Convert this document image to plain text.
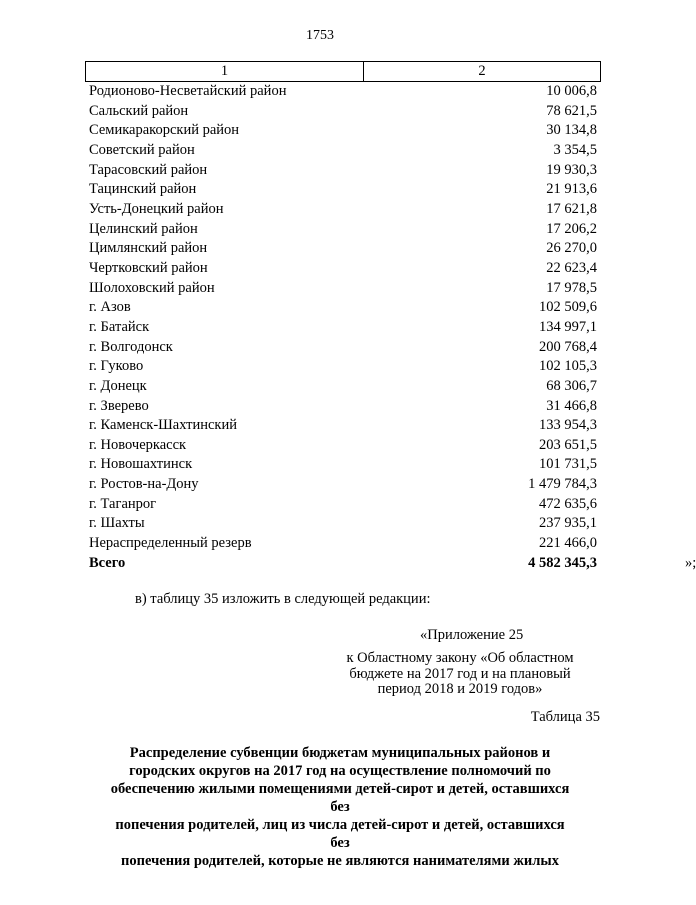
1753
1	2
Родионово-Несветайский район	10 006,8
Сальский район	78 621,5
Семикаракорский район	30 134,8
Советский район	3 354,5
Тарасовский район	19 930,3
Тацинский район	21 913,6
Усть-Донецкий район	17 621,8
Целинский район	17 206,2
Цимлянский район	26 270,0
Чертковский район	22 623,4
Шолоховский район	17 978,5
г. Азов	102 509,6
г. Батайск	134 997,1
г. Волгодонск	200 768,4
г. Гуково	102 105,3
г. Донецк	68 306,7
г. Зверево	31 466,8
г. Каменск-Шахтинский	133 954,3
г. Новочеркасск	203 651,5
г. Новошахтинск	101 731,5
г. Ростов-на-Дону	1 479 784,3
г. Таганрог	472 635,6
г. Шахты	237 935,1
Нераспределенный резерв	221 466,0
Всего	4 582 345,3	»;
в) таблицу 35 изложить в следующей редакции:
«Приложение 25
к Областному закону «Об областном
бюджете на 2017 год и на плановый
период 2018 и 2019 годов»
Таблица 35
Распределение субвенции бюджетам муниципальных районов и
городских округов на 2017 год на осуществление полномочий по
обеспечению жилыми помещениями детей-сирот и детей, оставшихся без
попечения родителей, лиц из числа детей-сирот и детей, оставшихся без
попечения родителей, которые не являются нанимателями жилых
